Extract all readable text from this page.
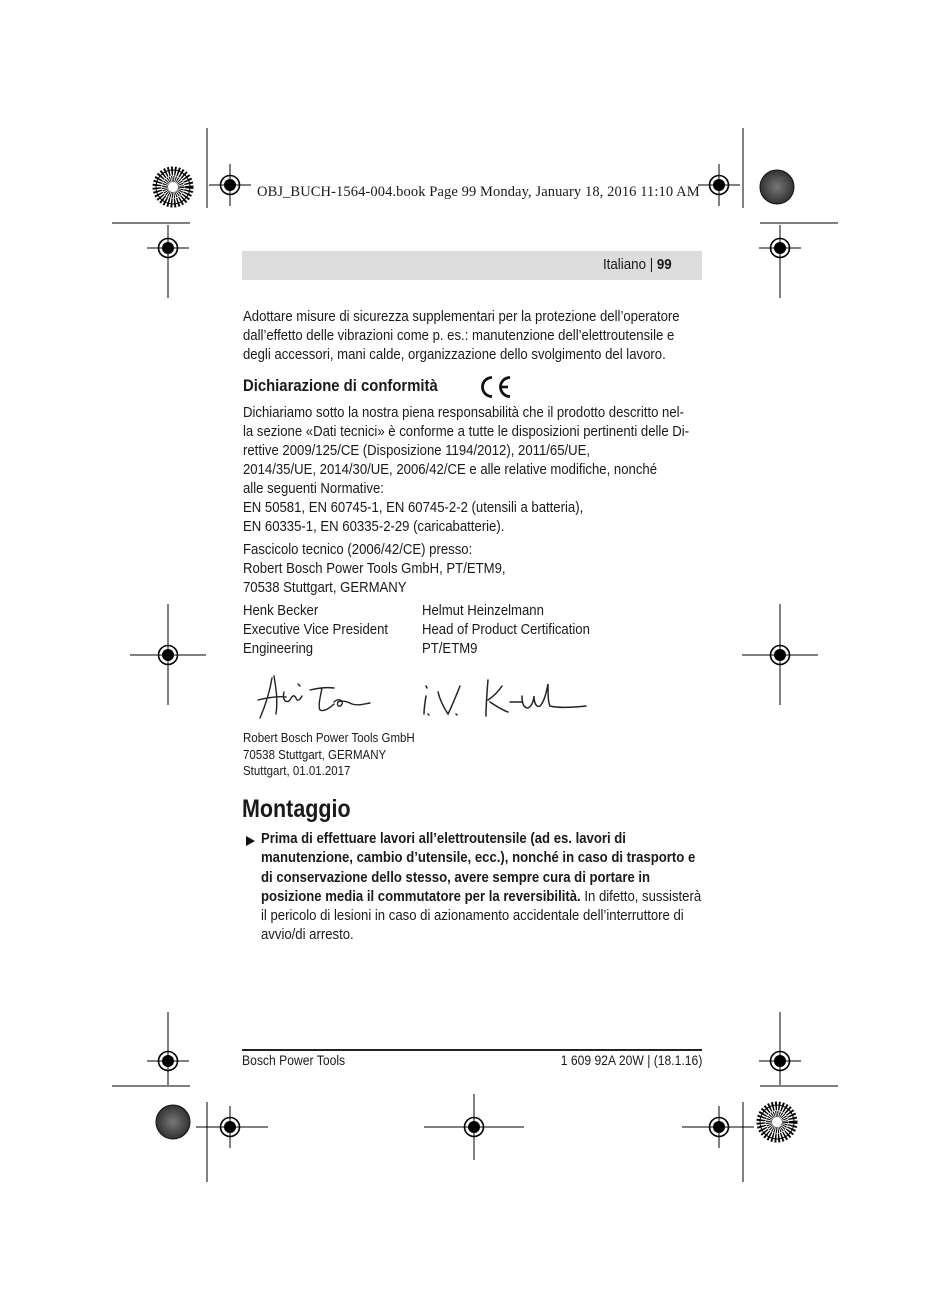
OBJ_BUCH-1564-004.book Page 99 Monday, January 18, 2016 11:10 AM
Italiano | 99

Adottare misure di sicurezza supplementari per la protezione dell’operatore dall’effetto delle vibrazioni come p. es.: manutenzione dell’elettroutensile e degli accessori, mani calde, organizzazione dello svolgimento del lavoro.

Dichiarazione di conformità
Dichiariamo sotto la nostra piena responsabilità che il prodotto descritto nel-
la sezione «Dati tecnici» è conforme a tutte le disposizioni pertinenti delle Di-
rettive 2009/125/CE (Disposizione 1194/2012), 2011/65/UE,
2014/35/UE, 2014/30/UE, 2006/42/CE e alle relative modifiche, nonché
alle seguenti Normative:
EN 50581, EN 60745-1, EN 60745-2-2 (utensili a batteria),
EN 60335-1, EN 60335-2-29 (caricabatterie).
Fascicolo tecnico (2006/42/CE) presso:
Robert Bosch Power Tools GmbH, PT/ETM9,
70538 Stuttgart, GERMANY
Henk Becker
Executive Vice President
Engineering
Helmut Heinzelmann
Head of Product Certification
PT/ETM9
Robert Bosch Power Tools GmbH
70538 Stuttgart, GERMANY
Stuttgart, 01.01.2017
Montaggio
Prima di effettuare lavori all’elettroutensile (ad es. lavori di manutenzione, cambio d’utensile, ecc.), nonché in caso di trasporto e di conservazione dello stesso, avere sempre cura di portare in posizione media il commutatore per la reversibilità. In difetto, sussisterà il pericolo di lesioni in caso di azionamento accidentale dell’interruttore di avvio/di arresto.
Bosch Power Tools	1 609 92A 20W | (18.1.16)
